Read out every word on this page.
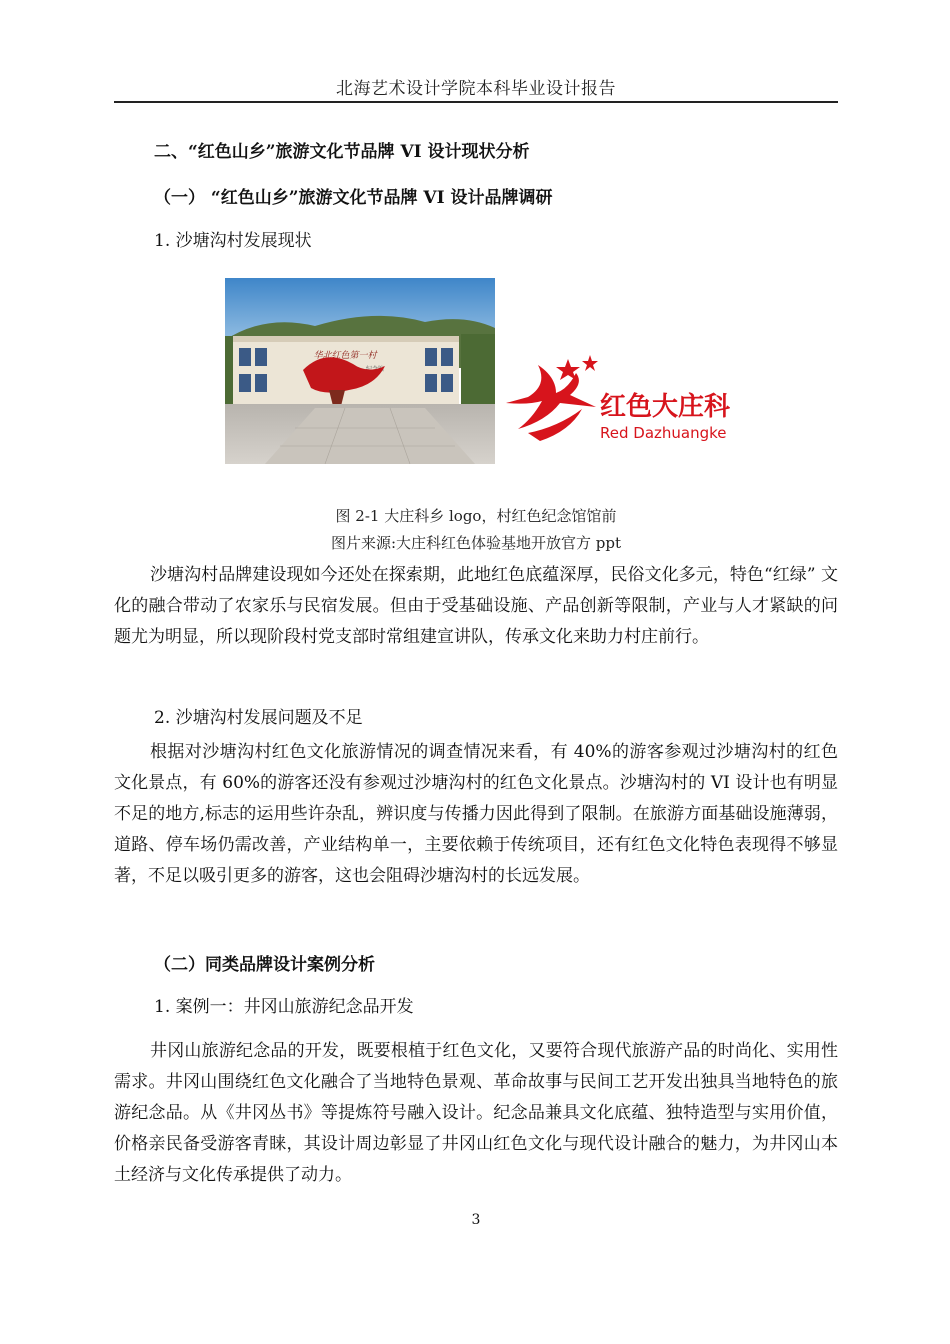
北海艺术设计学院本科毕业设计报告
二、“红色山乡”旅游文化节品牌 VI 设计现状分析
（一） “红色山乡”旅游文化节品牌 VI 设计品牌调研
1. 沙塘沟村发展现状
华北红色第一村
红色大庄科
Red Dazhuangke
图 2-1 大庄科乡 logo，村红色纪念馆馆前
图片来源:大庄科红色体验基地开放官方 ppt

沙塘沟村品牌建设现如今还处在探索期，此地红色底蕴深厚，民俗文化多元，特色“红绿” 文化的融合带动了农家乐与民宿发展。但由于受基础设施、产品创新等限制，产业与人才紧缺的问题尤为明显，所以现阶段村党支部时常组建宣讲队，传承文化来助力村庄前行。

2. 沙塘沟村发展问题及不足

根据对沙塘沟村红色文化旅游情况的调查情况来看，有 40%的游客参观过沙塘沟村的红色文化景点，有 60%的游客还没有参观过沙塘沟村的红色文化景点。沙塘沟村的 VI 设计也有明显不足的地方,标志的运用些许杂乱，辨识度与传播力因此得到了限制。在旅游方面基础设施薄弱，道路、停车场仍需改善，产业结构单一，主要依赖于传统项目，还有红色文化特色表现得不够显著，不足以吸引更多的游客，这也会阻碍沙塘沟村的长远发展。

（二）同类品牌设计案例分析
1. 案例一：井冈山旅游纪念品开发

井冈山旅游纪念品的开发，既要根植于红色文化，又要符合现代旅游产品的时尚化、实用性需求。井冈山围绕红色文化融合了当地特色景观、革命故事与民间工艺开发出独具当地特色的旅游纪念品。从《井冈丛书》等提炼符号融入设计。纪念品兼具文化底蕴、独特造型与实用价值，价格亲民备受游客青睐，其设计周边彰显了井冈山红色文化与现代设计融合的魅力，为井冈山本土经济与文化传承提供了动力。

3
